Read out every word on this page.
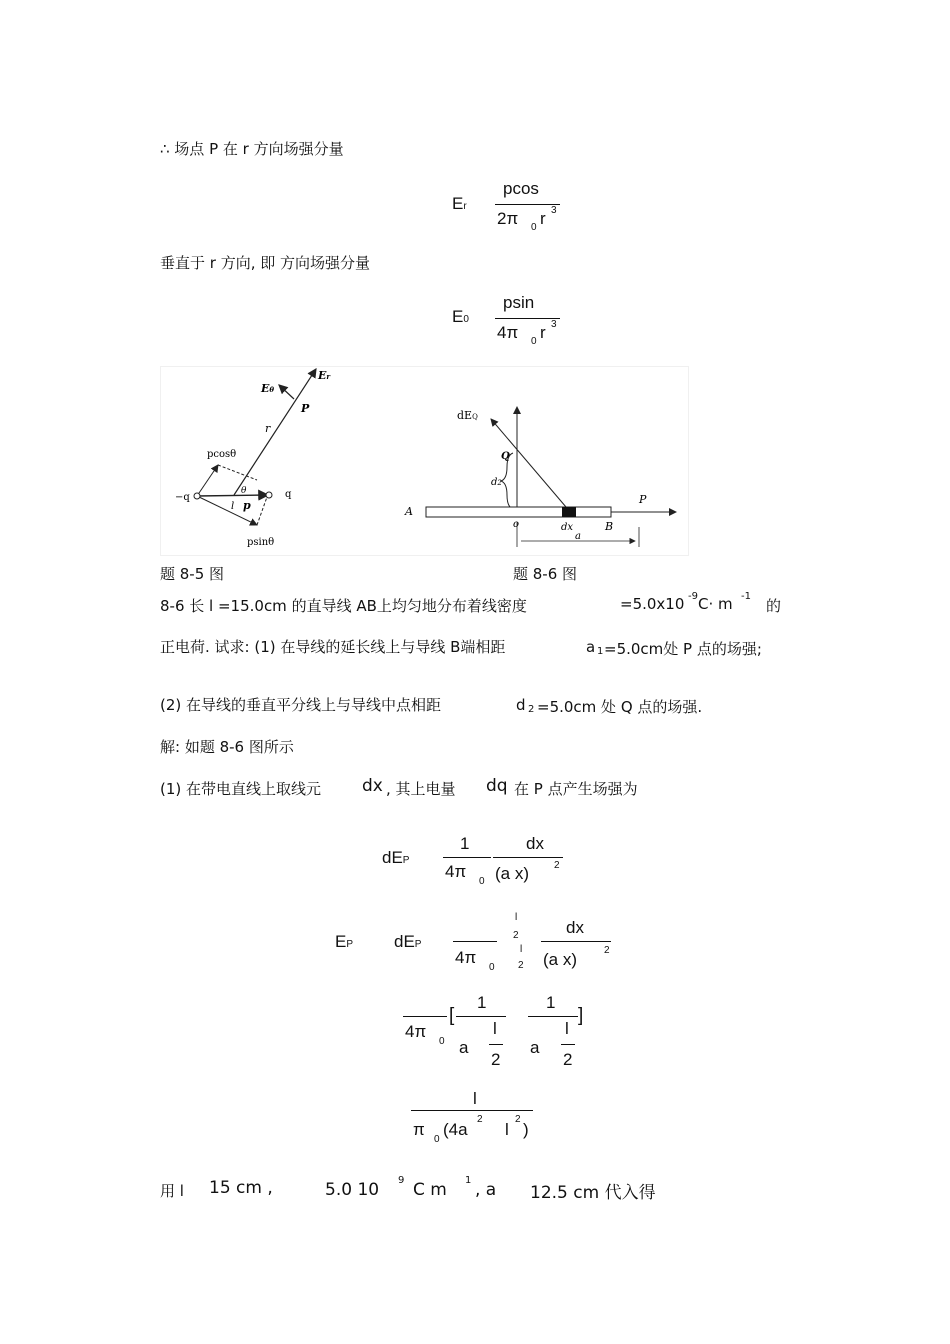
∴ 场点 P 在 r 方向场强分量
Er
pcos
2π 0 r 3
垂直于 r 方向, 即 方向场强分量
E0
psin
4π 0 r 3
Eθ
Er
P
r
pcosθ
−q	q
θ
l p
psinθ
dEQ
Q
d2
A
o	dx	B
P
a
题 8-5 图	题 8-6 图
8-6 长 l =15.0cm 的直导线 AB上均匀地分布着线密度	=5.0x10 -9 C· m -1
的
正电荷. 试求: (1) 在导线的延长线上与导线 B端相距	a 1 =5.0cm处 P 点的场强;
(2) 在导线的垂直平分线上与导线中点相距	d 2 =5.0cm 处 Q 点的场强.
解: 如题 8-6 图所示
(1) 在带电直线上取线元 dx , 其上电量 dq 在 P 点产生场强为
dEP
1
4π
0
dx
(a x)	2
EP dEP
4π
0
l
2
l
2
dx
(a x)	2
4π
0
[
1
a
l
2
1
a
l
2
]
l
π
0
(4a
2
l
2
)
用 l 15 cm ,	5.0 10 9 C m 1 , a 12.5 cm 代入得
